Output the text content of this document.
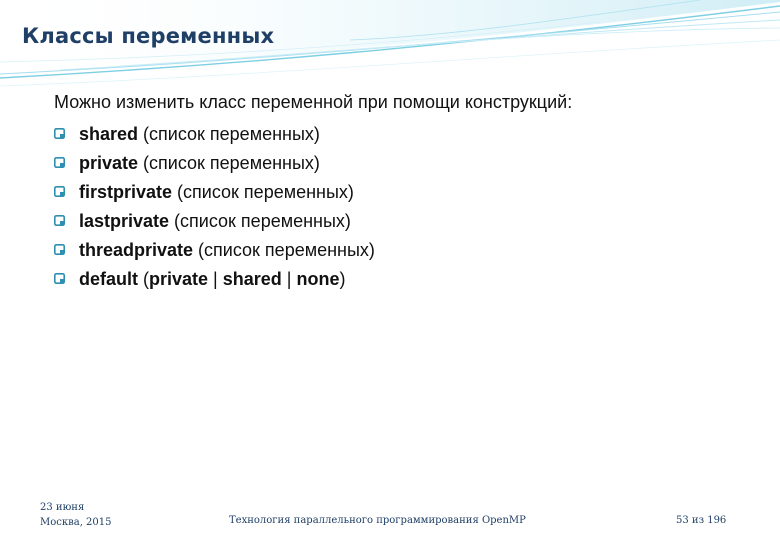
Классы переменных

Можно изменить класс переменной при помощи конструкций:

shared (список переменных)
private (список переменных)
firstprivate (список переменных)
lastprivate (список переменных)
threadprivate (список переменных)
default (private | shared | none)
23 июня
Москва, 2015	Технология параллельного программирования OpenMP	53 из 196
